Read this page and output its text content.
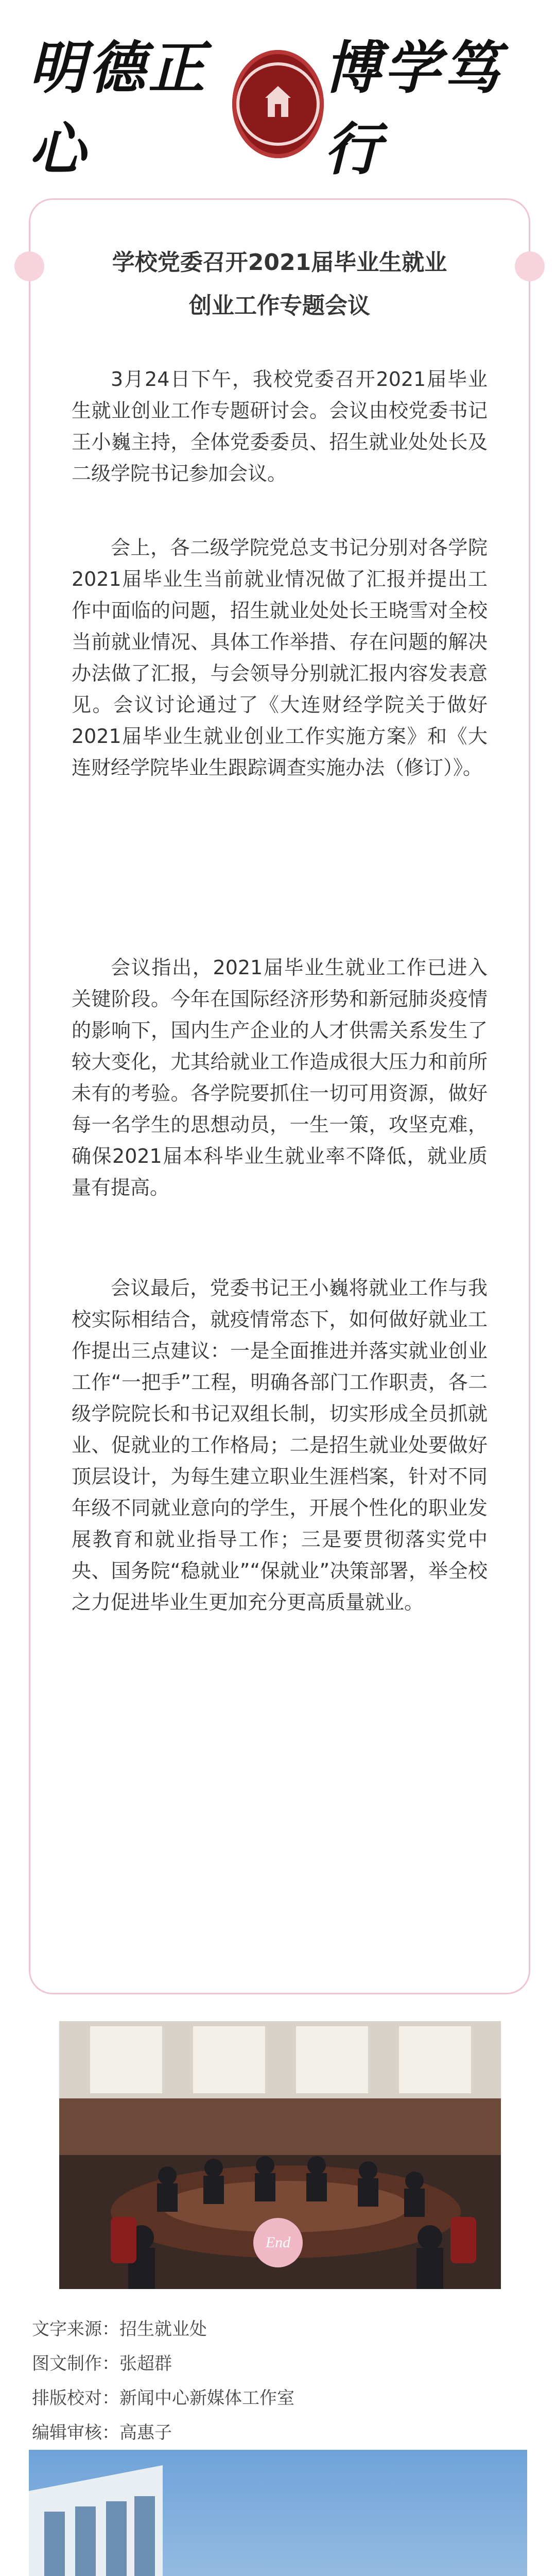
明德正心
博学笃行
学校党委召开2021届毕业生就业
创业工作专题会议
3月24日下午，我校党委召开2021届毕业生就业创业工作专题研讨会。会议由校党委书记王小巍主持，全体党委委员、招生就业处处长及二级学院书记参加会议。
会上，各二级学院党总支书记分别对各学院2021届毕业生当前就业情况做了汇报并提出工作中面临的问题，招生就业处处长王晓雪对全校当前就业情况、具体工作举措、存在问题的解决办法做了汇报，与会领导分别就汇报内容发表意见。会议讨论通过了《大连财经学院关于做好2021届毕业生就业创业工作实施方案》和《大连财经学院毕业生跟踪调查实施办法（修订）》。
会议指出，2021届毕业生就业工作已进入关键阶段。今年在国际经济形势和新冠肺炎疫情的影响下，国内生产企业的人才供需关系发生了较大变化，尤其给就业工作造成很大压力和前所未有的考验。各学院要抓住一切可用资源，做好每一名学生的思想动员，一生一策，攻坚克难，确保2021届本科毕业生就业率不降低，就业质量有提高。
会议最后，党委书记王小巍将就业工作与我校实际相结合，就疫情常态下，如何做好就业工作提出三点建议：一是全面推进并落实就业创业工作“一把手”工程，明确各部门工作职责，各二级学院院长和书记双组长制，切实形成全员抓就业、促就业的工作格局；二是招生就业处要做好顶层设计，为每生建立职业生涯档案，针对不同年级不同就业意向的学生，开展个性化的职业发展教育和就业指导工作；三是要贯彻落实党中央、国务院“稳就业”“保就业”决策部署，举全校之力促进毕业生更加充分更高质量就业。
End
文字来源：招生就业处
图文制作：张超群
排版校对：新闻中心新媒体工作室
编辑审核：高惠子
